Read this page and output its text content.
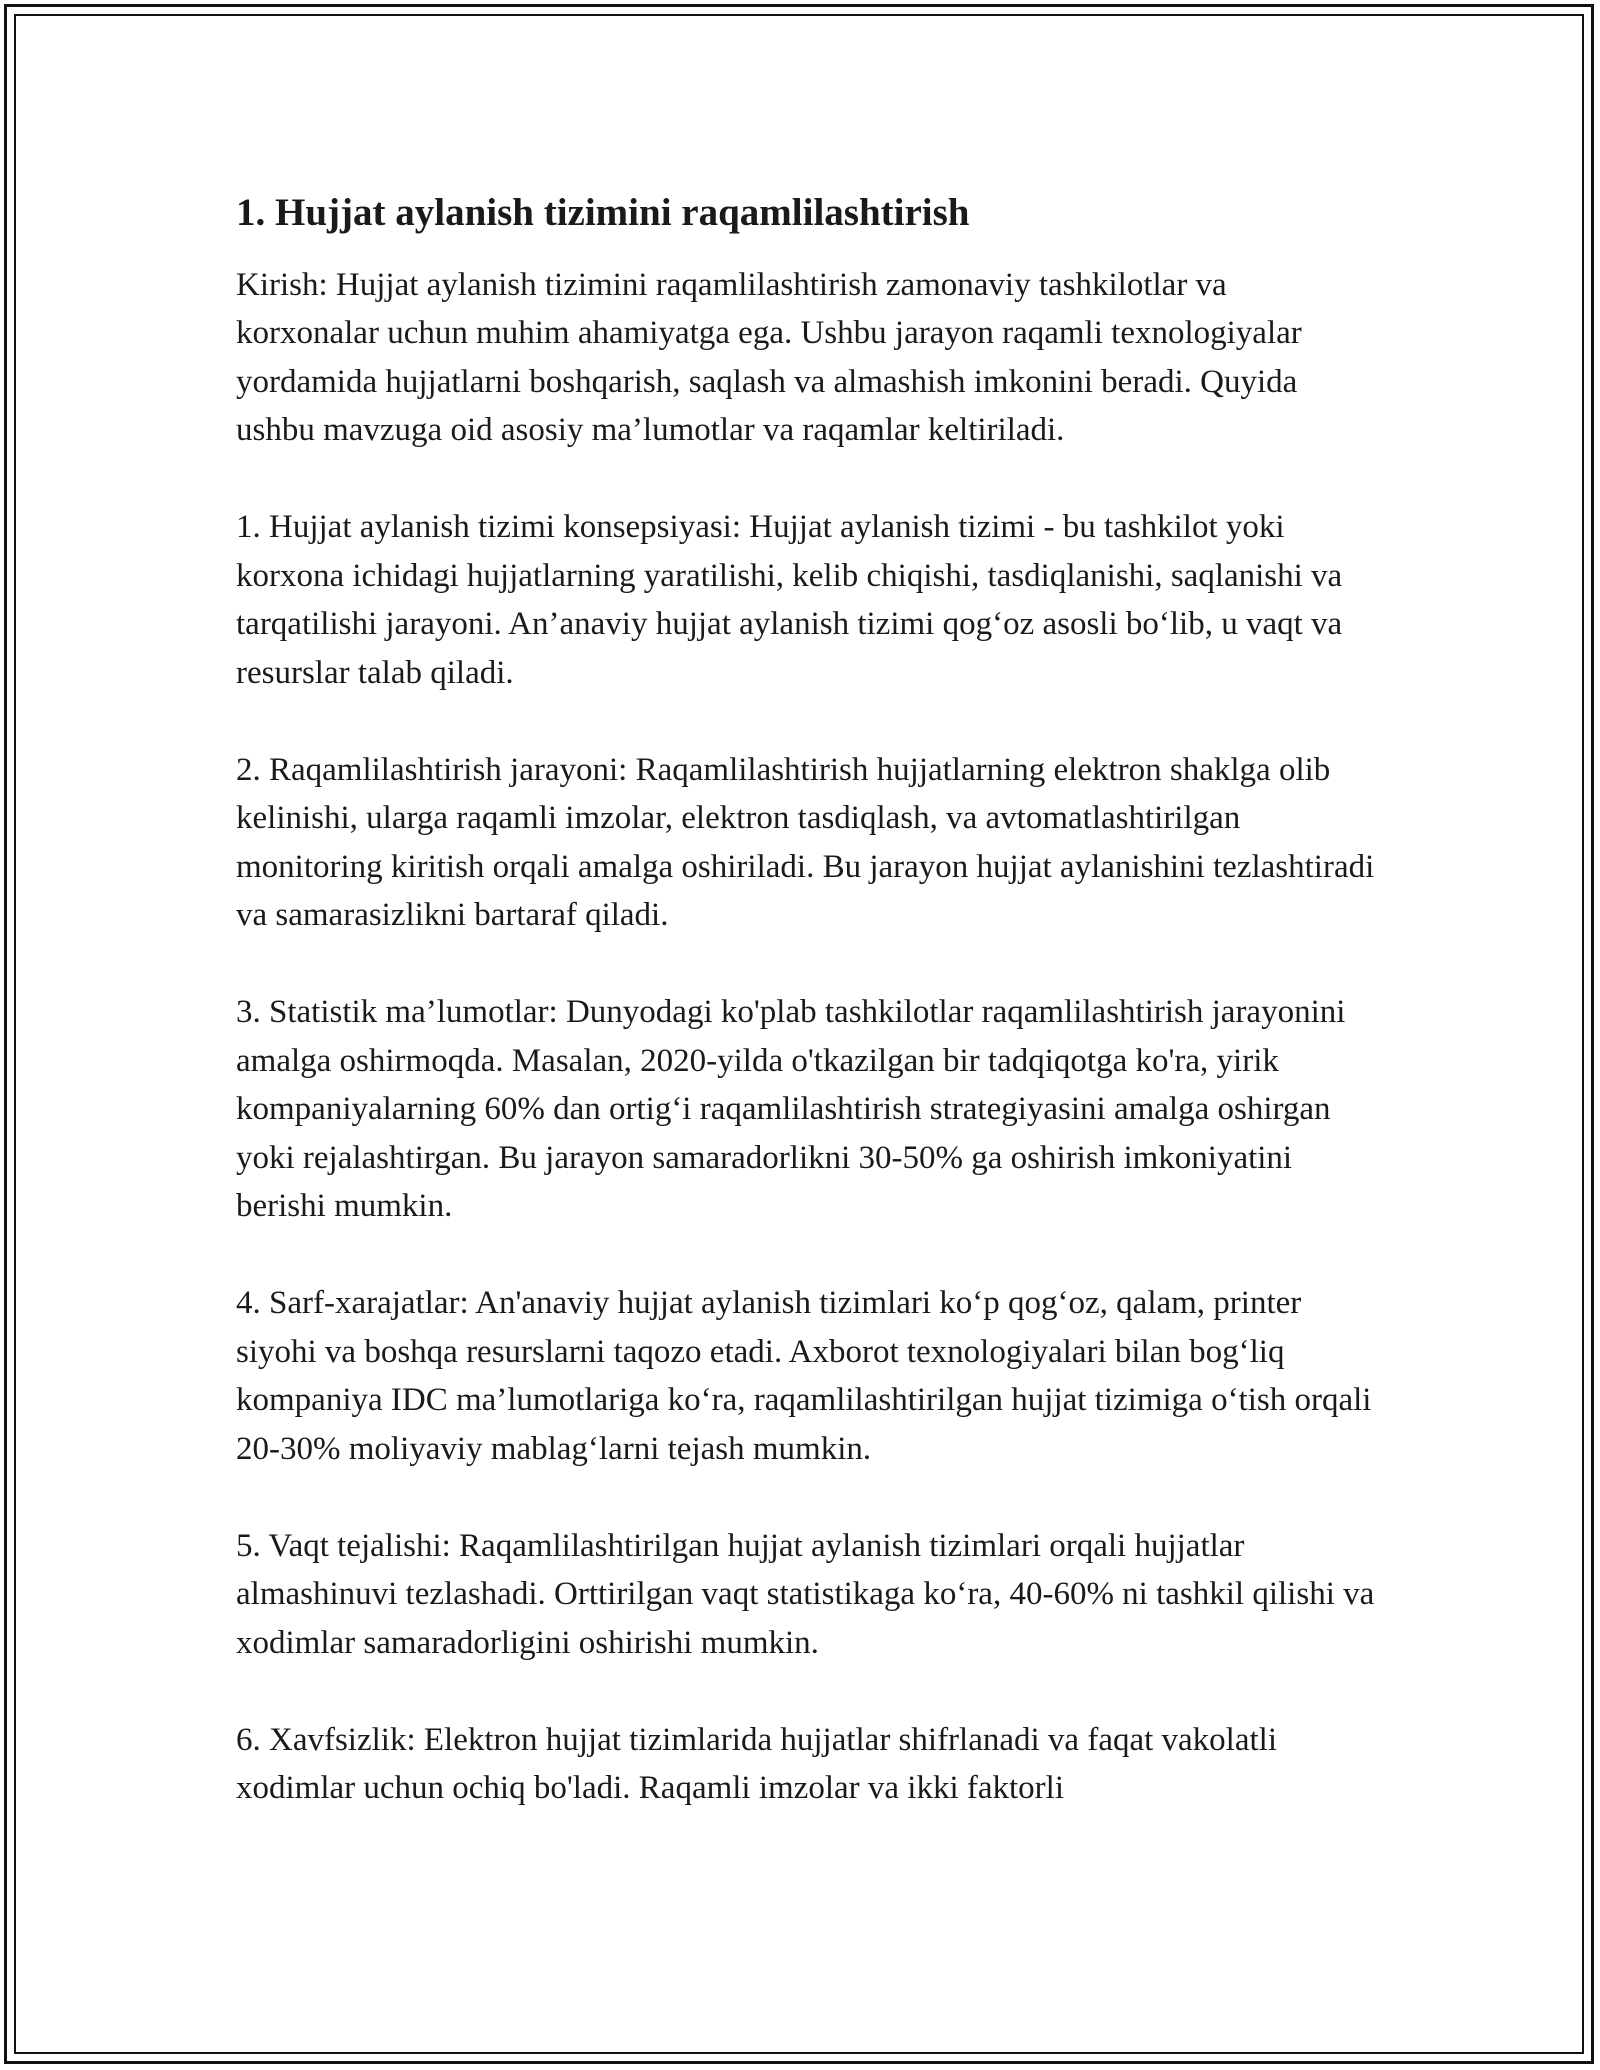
1. Hujjat aylanish tizimini raqamlilashtirish

Kirish: Hujjat aylanish tizimini raqamlilashtirish zamonaviy tashkilotlar va korxonalar uchun muhim ahamiyatga ega. Ushbu jarayon raqamli texnologiyalar yordamida hujjatlarni boshqarish, saqlash va almashish imkonini beradi. Quyida ushbu mavzuga oid asosiy ma’lumotlar va raqamlar keltiriladi.

1. Hujjat aylanish tizimi konsepsiyasi: Hujjat aylanish tizimi - bu tashkilot yoki korxona ichidagi hujjatlarning yaratilishi, kelib chiqishi, tasdiqlanishi, saqlanishi va tarqatilishi jarayoni. An’anaviy hujjat aylanish tizimi qog‘oz asosli bo‘lib, u vaqt va resurslar talab qiladi.

2. Raqamlilashtirish jarayoni: Raqamlilashtirish hujjatlarning elektron shaklga olib kelinishi, ularga raqamli imzolar, elektron tasdiqlash, va avtomatlashtirilgan monitoring kiritish orqali amalga oshiriladi. Bu jarayon hujjat aylanishini tezlashtiradi va samarasizlikni bartaraf qiladi.

3. Statistik ma’lumotlar: Dunyodagi ko'plab tashkilotlar raqamlilashtirish jarayonini amalga oshirmoqda. Masalan, 2020-yilda o'tkazilgan bir tadqiqotga ko'ra, yirik kompaniyalarning 60% dan ortig‘i raqamlilashtirish strategiyasini amalga oshirgan yoki rejalashtirgan. Bu jarayon samaradorlikni 30-50% ga oshirish imkoniyatini berishi mumkin.

4. Sarf-xarajatlar: An'anaviy hujjat aylanish tizimlari ko‘p qog‘oz, qalam, printer siyohi va boshqa resurslarni taqozo etadi. Axborot texnologiyalari bilan bog‘liq kompaniya IDC ma’lumotlariga ko‘ra, raqamlilashtirilgan hujjat tizimiga o‘tish orqali 20-30% moliyaviy mablag‘larni tejash mumkin.

5. Vaqt tejalishi: Raqamlilashtirilgan hujjat aylanish tizimlari orqali hujjatlar almashinuvi tezlashadi. Orttirilgan vaqt statistikaga ko‘ra, 40-60% ni tashkil qilishi va xodimlar samaradorligini oshirishi mumkin.

6. Xavfsizlik: Elektron hujjat tizimlarida hujjatlar shifrlanadi va faqat vakolatli xodimlar uchun ochiq bo'ladi. Raqamli imzolar va ikki faktorli
